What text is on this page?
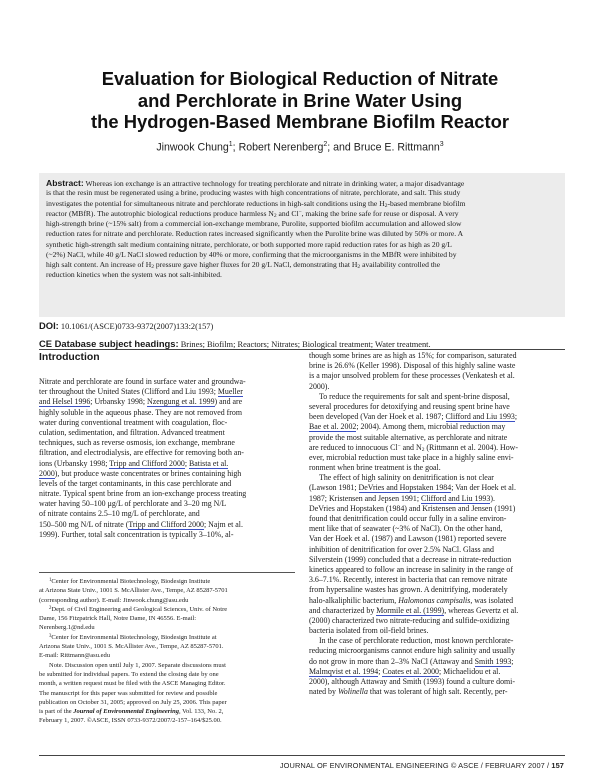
Evaluation for Biological Reduction of Nitrate
and Perchlorate in Brine Water Using
the Hydrogen-Based Membrane Biofilm Reactor
Jinwook Chung$^1$; Robert Nerenberg$^2$; and Bruce E. Rittmann$^3$
Abstract: Whereas ion exchange is an attractive technology for treating perchlorate and nitrate in drinking water, a major disadvantage
is that the resin must be regenerated using a brine, producing wastes with high concentrations of nitrate, perchlorate, and salt. This study
investigates the potential for simultaneous nitrate and perchlorate reductions in high-salt conditions using the $H_2$-based membrane biofilm
reactor (MBfR). The autotrophic biological reductions produce harmless $N_2$ and Cl−, making the brine safe for reuse or disposal. A very
high-strength brine (~15% salt) from a commercial ion-exchange membrane, Purolite, supported biofilm accumulation and allowed slow
reduction rates for nitrate and perchlorate. Reduction rates increased significantly when the Purolite brine was diluted by 50% or more. A
synthetic high-strength salt medium containing nitrate, perchlorate, or both supported more rapid reduction rates for as high as 20 g/L
(~2%) NaCl, while 40 g/L NaCl slowed reduction by 40% or more, confirming that the microorganisms in the MBfR were inhibited by
high salt content. An increase of $H_2$ pressure gave higher fluxes for 20 g/L NaCl, demonstrating that $H_2$ availability controlled the
reduction kinetics when the system was not salt-inhibited.
DOI: 10.1061/(ASCE)0733-9372(2007)133:2(157)
CE Database subject headings: Brines; Biofilm; Reactors; Nitrates; Biological treatment; Water treatment.
Introduction
Nitrate and perchlorate are found in surface water and groundwa-
ter throughout the United States (Clifford and Liu 1993; Mueller
and Helsel 1996; Urbansky 1998; Nzengung et al. 1999) and are
highly soluble in the aqueous phase. They are not removed from
water during conventional treatment with coagulation, floc-
culation, sedimentation, and filtration. Advanced treatment
techniques, such as reverse osmosis, ion exchange, membrane
filtration, and electrodialysis, are effective for removing both an-
ions (Urbansky 1998; Tripp and Clifford 2000; Batista et al.
2000), but produce waste concentrates or brines containing high
levels of the target contaminants, in this case perchlorate and
nitrate. Typical spent brine from an ion-exchange process treating
water having 50–100 μg/L of perchlorate and 3–20 mg N/L
of nitrate contains 2.5–10 mg/L of perchlorate, and
150–500 mg N/L of nitrate (Tripp and Clifford 2000; Najm et al.
1999). Further, total salt concentration is typically 3–10%, al-
$^1$Center for Environmental Biotechnology, Biodesign Institute
at Arizona State Univ., 1001 S. McAllister Ave., Tempe, AZ 85287-5701
(corresponding author). E-mail: Jinwook.chung@asu.edu
$^2$Dept. of Civil Engineering and Geological Sciences, Univ. of Notre
Dame, 156 Fitzpatrick Hall, Notre Dame, IN 46556. E-mail:
Nerenberg.1@nd.edu
$^3$Center for Environmental Biotechnology, Biodesign Institute at
Arizona State Univ., 1001 S. McAllister Ave., Tempe, AZ 85287-5701.
E-mail: Rittmann@asu.edu
Note. Discussion open until July 1, 2007. Separate discussions must
be submitted for individual papers. To extend the closing date by one
month, a written request must be filed with the ASCE Managing Editor.
The manuscript for this paper was submitted for review and possible
publication on October 31, 2005; approved on July 25, 2006. This paper
is part of the Journal of Environmental Engineering, Vol. 133, No. 2,
February 1, 2007. ©ASCE, ISSN 0733-9372/2007/2-157–164/$25.00.
though some brines are as high as 15%; for comparison, saturated
brine is 26.6% (Keller 1998). Disposal of this highly saline waste
is a major unsolved problem for these processes (Venkatesh et al.
2000).
To reduce the requirements for salt and spent-brine disposal,
several procedures for detoxifying and reusing spent brine have
been developed (Van der Hoek et al. 1987; Clifford and Liu 1993;
Bae et al. 2002; 2004). Among them, microbial reduction may
provide the most suitable alternative, as perchlorate and nitrate
are reduced to innocuous Cl− and $N_2$ (Rittmann et al. 2004). How-
ever, microbial reduction must take place in a highly saline envi-
ronment when brine treatment is the goal.
The effect of high salinity on denitrification is not clear
(Lawson 1981; DeVries and Hopstaken 1984; Van der Hoek et al.
1987; Kristensen and Jepsen 1991; Clifford and Liu 1993).
DeVries and Hopstaken (1984) and Kristensen and Jensen (1991)
found that denitrification could occur fully in a saline environ-
ment like that of seawater (~3% of NaCl). On the other hand,
Van der Hoek et al. (1987) and Lawson (1981) reported severe
inhibition of denitrification for over 2.5% NaCl. Glass and
Silverstein (1999) concluded that a decrease in nitrate-reduction
kinetics appeared to follow an increase in salinity in the range of
3.6–7.1%. Recently, interest in bacteria that can remove nitrate
from hypersaline wastes has grown. A denitrifying, moderately
halo-alkaliphilic bacterium, Halomonas campisalis, was isolated
and characterized by Mormile et al. (1999), whereas Gevertz et al.
(2000) characterized two nitrate-reducing and sulfide-oxidizing
bacteria isolated from oil-field brines.
In the case of perchlorate reduction, most known perchlorate-
reducing microorganisms cannot endure high salinity and usually
do not grow in more than 2–3% NaCl (Attaway and Smith 1993;
Malmqvist et al. 1994; Coates et al. 2000; Michaelidou et al.
2000), although Attaway and Smith (1993) found a culture domi-
nated by Wolinella that was tolerant of high salt. Recently, per-
JOURNAL OF ENVIRONMENTAL ENGINEERING © ASCE / FEBRUARY 2007 / 157
